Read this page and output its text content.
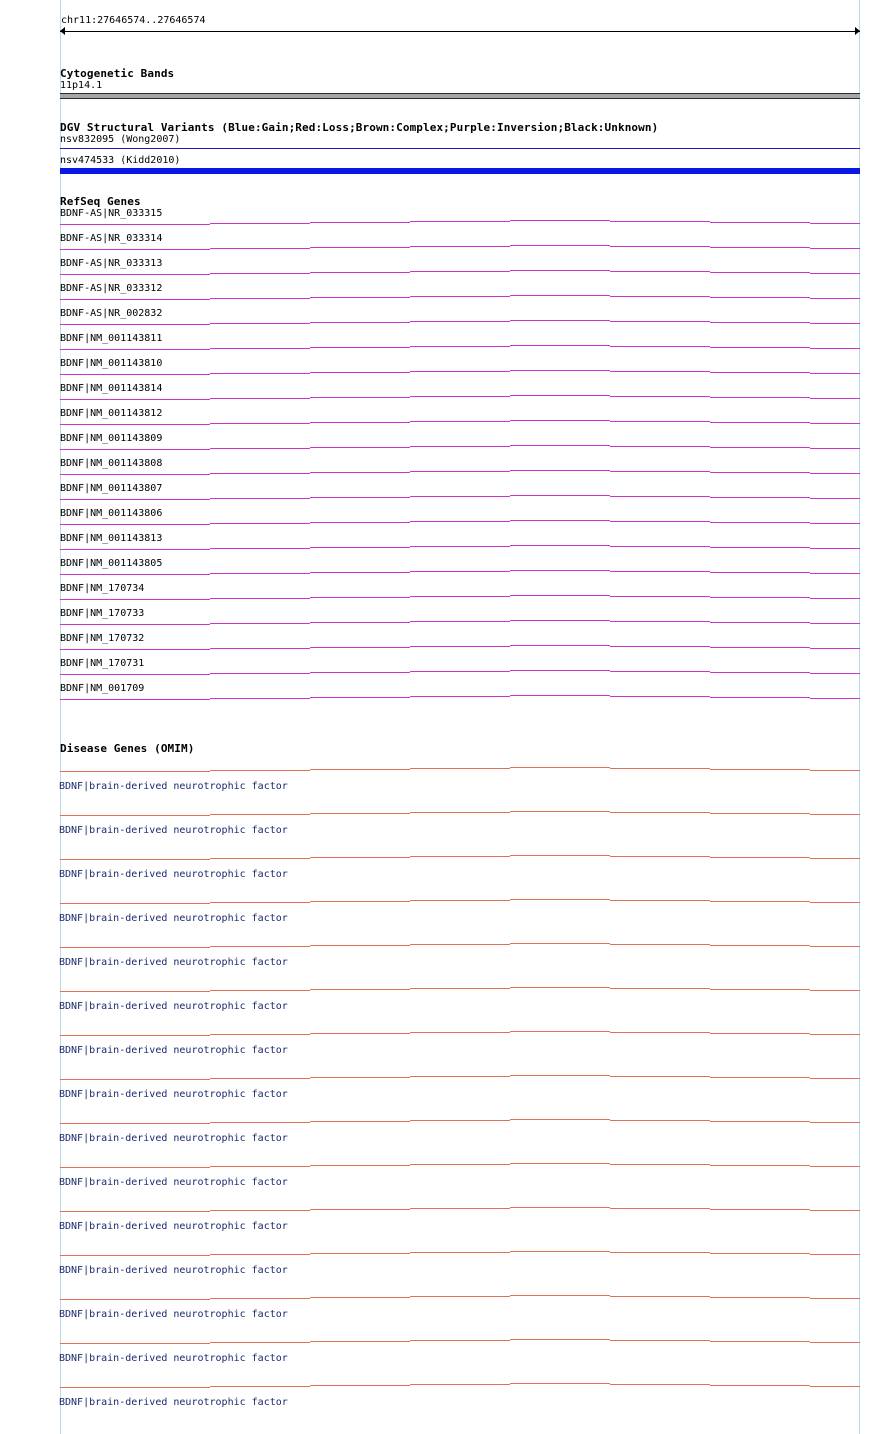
chr11:27646574..27646574
Cytogenetic Bands
11p14.1
DGV Structural Variants (Blue:Gain;Red:Loss;Brown:Complex;Purple:Inversion;Black:Unknown)
nsv832095 (Wong2007)
nsv474533 (Kidd2010)
RefSeq Genes
BDNF-AS|NR_033315
BDNF-AS|NR_033314
BDNF-AS|NR_033313
BDNF-AS|NR_033312
BDNF-AS|NR_002832
BDNF|NM_001143811
BDNF|NM_001143810
BDNF|NM_001143814
BDNF|NM_001143812
BDNF|NM_001143809
BDNF|NM_001143808
BDNF|NM_001143807
BDNF|NM_001143806
BDNF|NM_001143813
BDNF|NM_001143805
BDNF|NM_170734
BDNF|NM_170733
BDNF|NM_170732
BDNF|NM_170731
BDNF|NM_001709
Disease Genes (OMIM)
BDNF|brain-derived neurotrophic factor
BDNF|brain-derived neurotrophic factor
BDNF|brain-derived neurotrophic factor
BDNF|brain-derived neurotrophic factor
BDNF|brain-derived neurotrophic factor
BDNF|brain-derived neurotrophic factor
BDNF|brain-derived neurotrophic factor
BDNF|brain-derived neurotrophic factor
BDNF|brain-derived neurotrophic factor
BDNF|brain-derived neurotrophic factor
BDNF|brain-derived neurotrophic factor
BDNF|brain-derived neurotrophic factor
BDNF|brain-derived neurotrophic factor
BDNF|brain-derived neurotrophic factor
BDNF|brain-derived neurotrophic factor
